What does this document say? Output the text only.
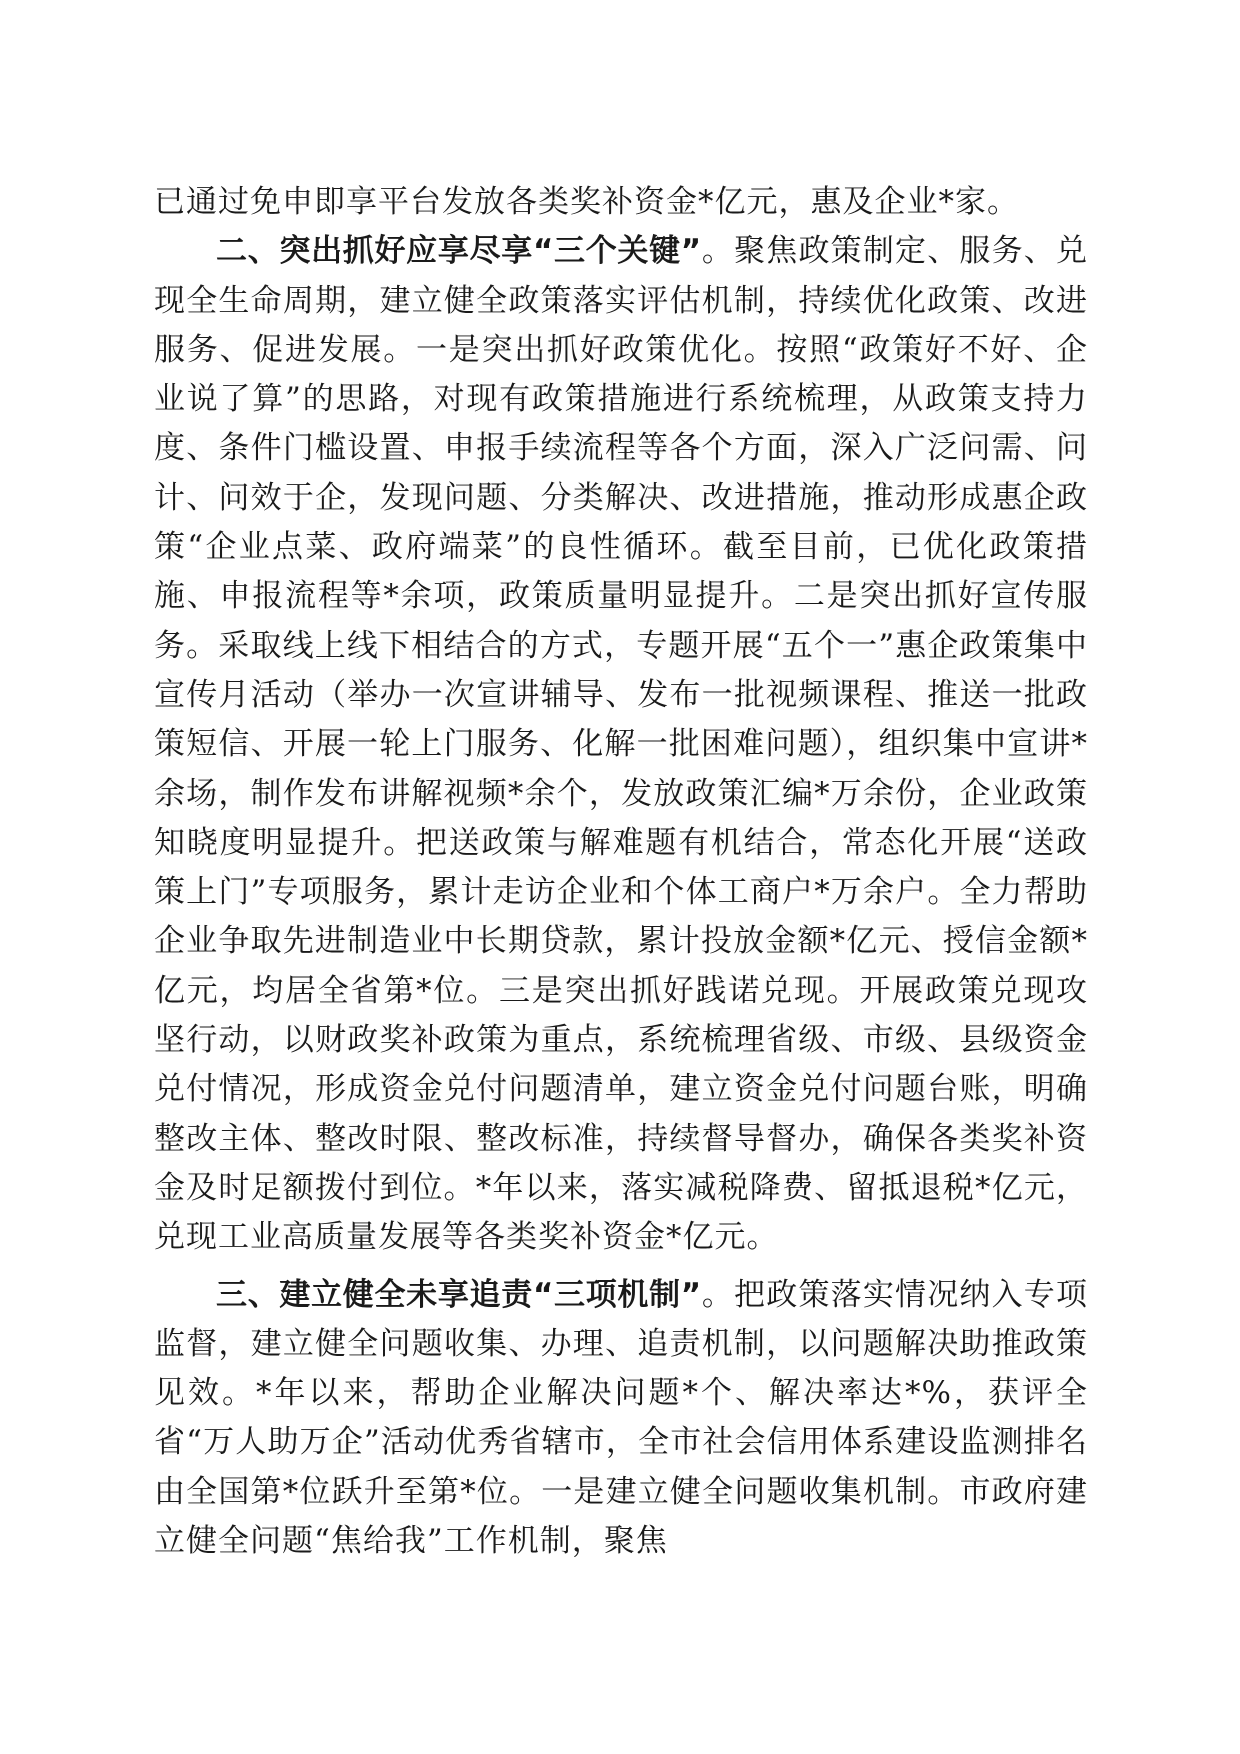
已通过免申即享平台发放各类奖补资金*亿元，惠及企业*家。

二、突出抓好应享尽享“三个关键”。聚焦政策制定、服务、兑现全生命周期，建立健全政策落实评估机制，持续优化政策、改进服务、促进发展。一是突出抓好政策优化。按照“政策好不好、企业说了算”的思路，对现有政策措施进行系统梳理，从政策支持力度、条件门槛设置、申报手续流程等各个方面，深入广泛问需、问计、问效于企，发现问题、分类解决、改进措施，推动形成惠企政策“企业点菜、政府端菜”的良性循环。截至目前，已优化政策措施、申报流程等*余项，政策质量明显提升。二是突出抓好宣传服务。采取线上线下相结合的方式，专题开展“五个一”惠企政策集中宣传月活动（举办一次宣讲辅导、发布一批视频课程、推送一批政策短信、开展一轮上门服务、化解一批困难问题），组织集中宣讲*余场，制作发布讲解视频*余个，发放政策汇编*万余份，企业政策知晓度明显提升。把送政策与解难题有机结合，常态化开展“送政策上门”专项服务，累计走访企业和个体工商户*万余户。全力帮助企业争取先进制造业中长期贷款，累计投放金额*亿元、授信金额*亿元，均居全省第*位。三是突出抓好践诺兑现。开展政策兑现攻坚行动，以财政奖补政策为重点，系统梳理省级、市级、县级资金兑付情况，形成资金兑付问题清单，建立资金兑付问题台账，明确整改主体、整改时限、整改标准，持续督导督办，确保各类奖补资金及时足额拨付到位。*年以来，落实减税降费、留抵退税*亿元，兑现工业高质量发展等各类奖补资金*亿元。

三、建立健全未享追责“三项机制”。把政策落实情况纳入专项监督，建立健全问题收集、办理、追责机制，以问题解决助推政策见效。*年以来，帮助企业解决问题*个、解决率达*%，获评全省“万人助万企”活动优秀省辖市，全市社会信用体系建设监测排名由全国第*位跃升至第*位。一是建立健全问题收集机制。市政府建立健全问题“焦给我”工作机制，聚焦
